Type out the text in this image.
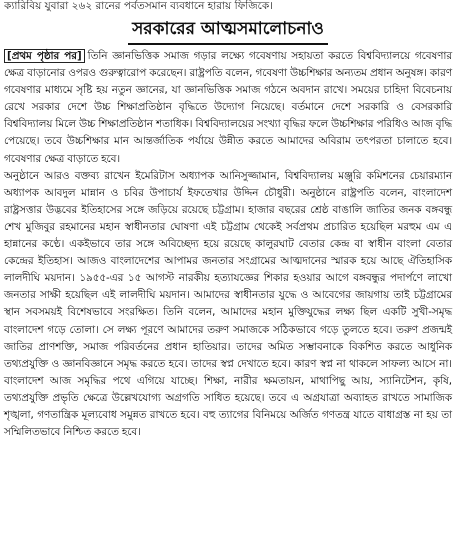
ক্যারিবিয় যুবারা ২৬২ রানের পর্বতসমান ব্যবধানে হারায় ফিজিকে।
সরকারের আত্মসমালোচনাও

[প্রথম পৃষ্ঠার পর] তিনি জ্ঞানভিত্তিক সমাজ গড়ার লক্ষ্যে গবেষণায় সহায়তা করতে বিশ্ববিদ্যালয়ে গবেষণার ক্ষেত্র বাড়ানোর ওপরও গুরুত্বারোপ করেছেন। রাষ্ট্রপতি বলেন, গবেষণা উচ্চশিক্ষার অন্যতম প্রধান অনুষঙ্গ। কারণ গবেষণার মাধ্যমে সৃষ্টি হয় নতুন জ্ঞানের, যা জ্ঞানভিত্তিক সমাজ গঠনে অবদান রাখে। সময়ের চাহিদা বিবেচনায় রেখে সরকার দেশে উচ্চ শিক্ষাপ্রতিষ্ঠান বৃদ্ধিতে উদ্যোগ নিয়েছে। বর্তমানে দেশে সরকারি ও বেসরকারি বিশ্ববিদ্যালয় মিলে উচ্চ শিক্ষাপ্রতিষ্ঠান শতাধিক। বিশ্ববিদ্যালয়ের সংখ্যা বৃদ্ধির ফলে উচ্চশিক্ষার পরিধিও আজ বৃদ্ধি পেয়েছে। তবে উচ্চশিক্ষার মান আন্তর্জাতিক পর্যায়ে উন্নীত করতে আমাদের অবিরাম তৎপরতা চালাতে হবে। গবেষণার ক্ষেত্র বাড়াতে হবে।

অনুষ্ঠানে আরও বক্তব্য রাখেন ইমেরিটাস অধ্যাপক আনিসুজ্জামান, বিশ্ববিদ্যালয় মঞ্জুরি কমিশনের চেয়ারম্যান অধ্যাপক আবদুল মান্নান ও চবির উপাচার্য ইফতেখার উদ্দিন চৌধুরী। অনুষ্ঠানে রাষ্ট্রপতি বলেন, বাংলাদেশ রাষ্ট্রসত্তার উদ্ভবের ইতিহাসের সঙ্গে জড়িয়ে রয়েছে চট্টগ্রাম। হাজার বছরের শ্রেষ্ঠ বাঙালি জাতির জনক বঙ্গবন্ধু শেখ মুজিবুর রহমানের মহান স্বাধীনতার ঘোষণা এই চট্টগ্রাম থেকেই সর্বপ্রথম প্রচারিত হয়েছিল মরহুম এম এ হান্নানের কণ্ঠে। একইভাবে তার সঙ্গে অবিচ্ছেদ্য হয়ে রয়েছে কালুরঘাট বেতার কেন্দ্র বা স্বাধীন বাংলা বেতার কেন্দ্রের ইতিহাস। আজও বাংলাদেশের আপামর জনতার সংগ্রামের আত্মদানের স্মারক হয়ে আছে ঐতিহাসিক লালদীঘি ময়দান। ১৯৫৫-এর ১৫ আগস্ট নারকীয় হত্যাযজ্ঞের শিকার হওয়ার আগে বঙ্গবন্ধুর পদার্পণে লাখো জনতার সাক্ষী হয়েছিল এই লালদীঘি ময়দান। আমাদের স্বাধীনতার যুদ্ধে ও আবেগের জায়গায় তাই চট্টগ্রামের স্থান সবসময়ই বিশেষভাবে সংরক্ষিত। তিনি বলেন, আমাদের মহান মুক্তিযুদ্ধের লক্ষ্য ছিল একটি সুখী-সমৃদ্ধ বাংলাদেশ গড়ে তোলা। সে লক্ষ্য পূরণে আমাদের তরুণ সমাজকে সঠিকভাবে গড়ে তুলতে হবে। তরুণ প্রজন্মই জাতির প্রাণশক্তি, সমাজ পরিবর্তনের প্রধান হাতিয়ার। তাদের অমিত সম্ভাবনাকে বিকশিত করতে আধুনিক তথ্যপ্রযুক্তি ও জ্ঞানবিজ্ঞানে সমৃদ্ধ করতে হবে। তাদের স্বপ্ন দেখাতে হবে। কারণ স্বপ্ন না থাকলে সাফল্য আসে না। বাংলাদেশ আজ সমৃদ্ধির পথে এগিয়ে যাচ্ছে। শিক্ষা, নারীর ক্ষমতায়ন, মাথাপিছু আয়, স্যানিটেশন, কৃষি, তথ্যপ্রযুক্তি প্রভৃতি ক্ষেত্রে উল্লেখযোগ্য অগ্রগতি সাধিত হয়েছে। তবে এ অগ্রযাত্রা অব্যাহত রাখতে সামাজিক শৃঙ্খলা, গণতান্ত্রিক মূল্যবোধ সমুন্নত রাখতে হবে। বহু ত্যাগের বিনিময়ে অর্জিত গণতন্ত্র যাতে বাধাগ্রস্ত না হয় তা সম্মিলিতভাবে নিশ্চিত করতে হবে।
